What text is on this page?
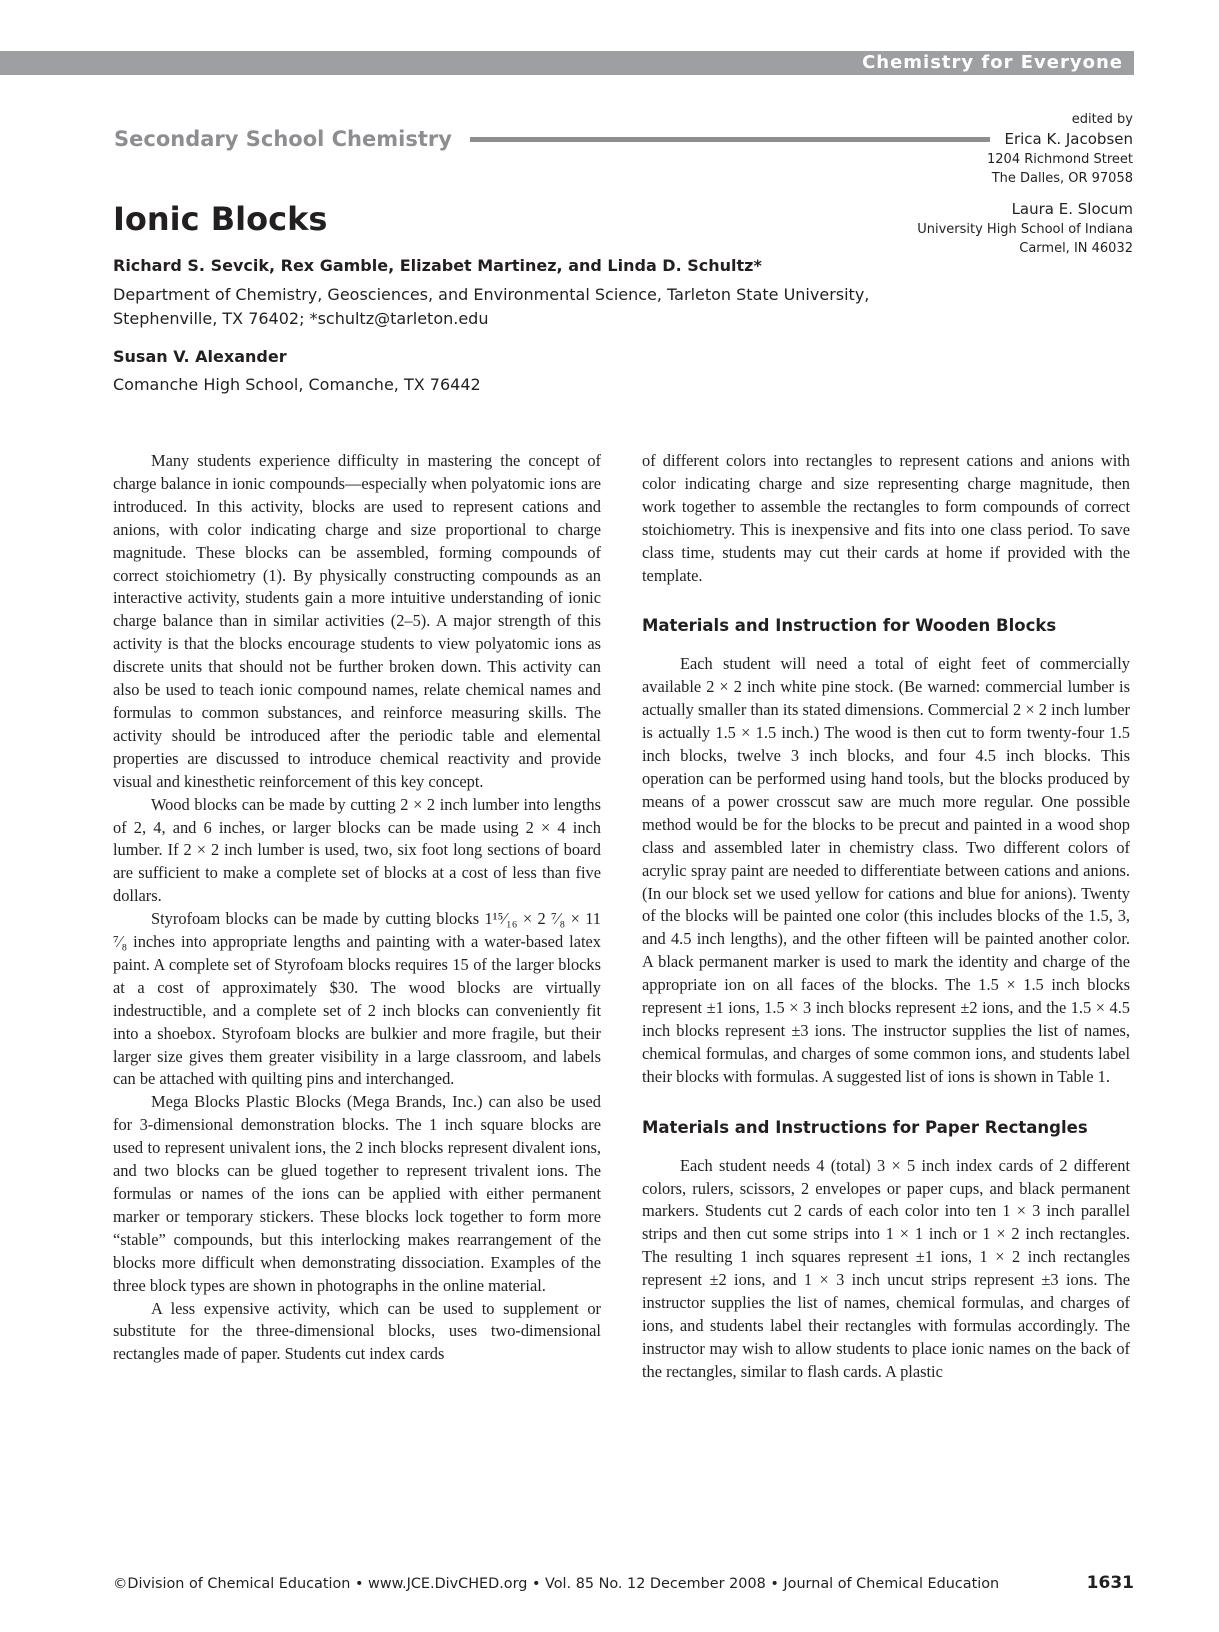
Chemistry for Everyone
Secondary School Chemistry
edited by
Erica K. Jacobsen
1204 Richmond Street
The Dalles, OR 97058
Laura E. Slocum
University High School of Indiana
Carmel, IN 46032
Ionic Blocks
Richard S. Sevcik, Rex Gamble, Elizabet Martinez, and Linda D. Schultz*
Department of Chemistry, Geosciences, and Environmental Science, Tarleton State University, Stephenville, TX 76402; *schultz@tarleton.edu
Susan V. Alexander
Comanche High School, Comanche, TX 76442

Many students experience difficulty in mastering the concept of charge balance in ionic compounds—especially when polyatomic ions are introduced. In this activity, blocks are used to represent cations and anions, with color indicating charge and size proportional to charge magnitude. These blocks can be assembled, forming compounds of correct stoichiometry (1). By physically constructing compounds as an interactive activity, students gain a more intuitive understanding of ionic charge balance than in similar activities (2–5). A major strength of this activity is that the blocks encourage students to view polyatomic ions as discrete units that should not be further broken down. This activity can also be used to teach ionic compound names, relate chemical names and formulas to common substances, and reinforce measuring skills. The activity should be introduced after the periodic table and elemental properties are discussed to introduce chemical reactivity and provide visual and kinesthetic reinforcement of this key concept.

Wood blocks can be made by cutting 2 × 2 inch lumber into lengths of 2, 4, and 6 inches, or larger blocks can be made using 2 × 4 inch lumber. If 2 × 2 inch lumber is used, two, six foot long sections of board are sufficient to make a complete set of blocks at a cost of less than five dollars.

Styrofoam blocks can be made by cutting blocks 1¹⁵⁄₁₆ × 2 ⁷⁄₈ × 11 ⁷⁄₈ inches into appropriate lengths and painting with a water-based latex paint. A complete set of Styrofoam blocks requires 15 of the larger blocks at a cost of approximately $30. The wood blocks are virtually indestructible, and a complete set of 2 inch blocks can conveniently fit into a shoebox. Styrofoam blocks are bulkier and more fragile, but their larger size gives them greater visibility in a large classroom, and labels can be attached with quilting pins and interchanged.

Mega Blocks Plastic Blocks (Mega Brands, Inc.) can also be used for 3-dimensional demonstration blocks. The 1 inch square blocks are used to represent univalent ions, the 2 inch blocks represent divalent ions, and two blocks can be glued together to represent trivalent ions. The formulas or names of the ions can be applied with either permanent marker or temporary stickers. These blocks lock together to form more “stable” compounds, but this interlocking makes rearrangement of the blocks more difficult when demonstrating dissociation. Examples of the three block types are shown in photographs in the online material.

A less expensive activity, which can be used to supplement or substitute for the three-dimensional blocks, uses two-dimensional rectangles made of paper. Students cut index cards

of different colors into rectangles to represent cations and anions with color indicating charge and size representing charge magnitude, then work together to assemble the rectangles to form compounds of correct stoichiometry. This is inexpensive and fits into one class period. To save class time, students may cut their cards at home if provided with the template.

Materials and Instruction for Wooden Blocks

Each student will need a total of eight feet of commercially available 2 × 2 inch white pine stock. (Be warned: commercial lumber is actually smaller than its stated dimensions. Commercial 2 × 2 inch lumber is actually 1.5 × 1.5 inch.) The wood is then cut to form twenty-four 1.5 inch blocks, twelve 3 inch blocks, and four 4.5 inch blocks. This operation can be performed using hand tools, but the blocks produced by means of a power crosscut saw are much more regular. One possible method would be for the blocks to be precut and painted in a wood shop class and assembled later in chemistry class. Two different colors of acrylic spray paint are needed to differentiate between cations and anions. (In our block set we used yellow for cations and blue for anions). Twenty of the blocks will be painted one color (this includes blocks of the 1.5, 3, and 4.5 inch lengths), and the other fifteen will be painted another color. A black permanent marker is used to mark the identity and charge of the appropriate ion on all faces of the blocks. The 1.5 × 1.5 inch blocks represent ±1 ions, 1.5 × 3 inch blocks represent ±2 ions, and the 1.5 × 4.5 inch blocks represent ±3 ions. The instructor supplies the list of names, chemical formulas, and charges of some common ions, and students label their blocks with formulas. A suggested list of ions is shown in Table 1.

Materials and Instructions for Paper Rectangles

Each student needs 4 (total) 3 × 5 inch index cards of 2 different colors, rulers, scissors, 2 envelopes or paper cups, and black permanent markers. Students cut 2 cards of each color into ten 1 × 3 inch parallel strips and then cut some strips into 1 × 1 inch or 1 × 2 inch rectangles. The resulting 1 inch squares represent ±1 ions, 1 × 2 inch rectangles represent ±2 ions, and 1 × 3 inch uncut strips represent ±3 ions. The instructor supplies the list of names, chemical formulas, and charges of ions, and students label their rectangles with formulas accordingly. The instructor may wish to allow students to place ionic names on the back of the rectangles, similar to flash cards. A plastic

©Division of Chemical Education • www.JCE.DivCHED.org • Vol. 85 No. 12 December 2008 • Journal of Chemical Education	1631
